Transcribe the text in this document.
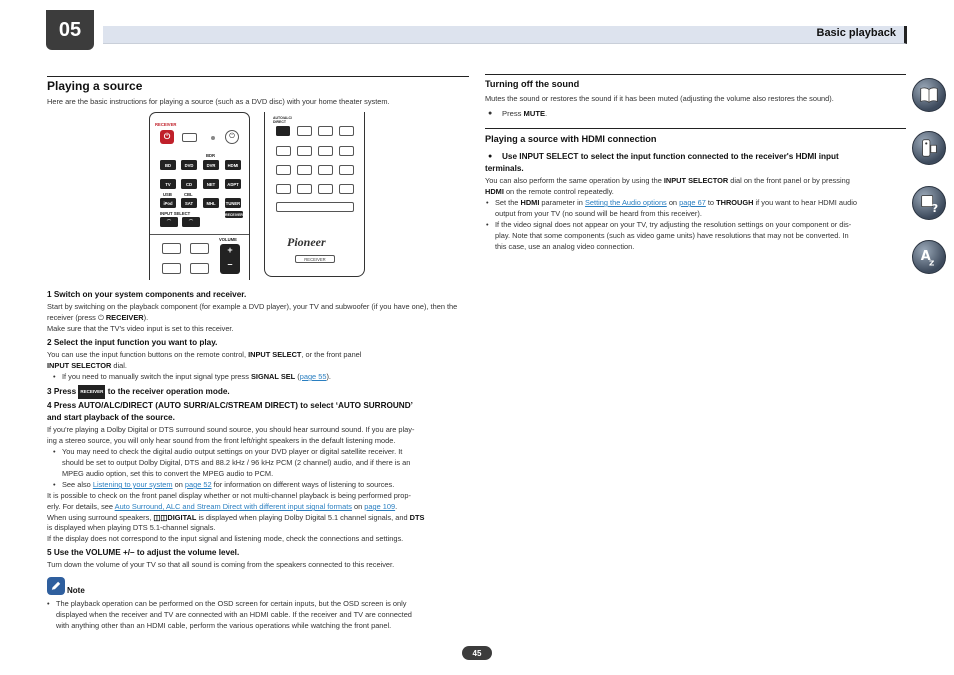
05	Basic playback
Playing a source
Here are the basic instructions for playing a source (such as a DVD disc) with your home theater system.
RECEIVER
⏻	⏻
BDR
BD	DVD	DVR	HDMI
TV	CD	NET	ADPT
USB	CBL
iPod	SAT	MHL	TUNER
INPUT SELECT
⌒	⌒
RECEIVER
VOLUME
+
–
AUTO/ALC/
DIRECT
Pioneer
RECEIVER
1 Switch on your system components and receiver.
Start by switching on the playback component (for example a DVD player), your TV and subwoofer (if you have one), then the receiver (press ⏻ RECEIVER).
Make sure that the TV's video input is set to this receiver.
2 Select the input function you want to play.
You can use the input function buttons on the remote control, INPUT SELECT, or the front panel
INPUT SELECTOR dial.
• If you need to manually switch the input signal type press SIGNAL SEL (page 55).
3 Press RECEIVER to the receiver operation mode.
4 Press AUTO/ALC/DIRECT (AUTO SURR/ALC/STREAM DIRECT) to select ‘AUTO SURROUND’
and start playback of the source.
If you're playing a Dolby Digital or DTS surround sound source, you should hear surround sound. If you are play-
ing a stereo source, you will only hear sound from the front left/right speakers in the default listening mode.
• You may need to check the digital audio output settings on your DVD player or digital satellite receiver. It
should be set to output Dolby Digital, DTS and 88.2 kHz / 96 kHz PCM (2 channel) audio, and if there is an
MPEG audio option, set this to convert the MPEG audio to PCM.
• See also Listening to your system on page 52 for information on different ways of listening to sources.
It is possible to check on the front panel display whether or not multi-channel playback is being performed prop-
erly. For details, see Auto Surround, ALC and Stream Direct with different input signal formats on page 109.
When using surround speakers, ◫◫DIGITAL is displayed when playing Dolby Digital 5.1 channel signals, and DTS
is displayed when playing DTS 5.1-channel signals.
If the display does not correspond to the input signal and listening mode, check the connections and settings.
5 Use the VOLUME +/– to adjust the volume level.
Turn down the volume of your TV so that all sound is coming from the speakers connected to this receiver.
Note
• The playback operation can be performed on the OSD screen for certain inputs, but the OSD screen is only
displayed when the receiver and TV are connected with an HDMI cable. If the receiver and TV are connected
with anything other than an HDMI cable, perform the various operations while watching the front panel.
Turning off the sound
Mutes the sound or restores the sound if it has been muted (adjusting the volume also restores the sound).
● Press MUTE.
Playing a source with HDMI connection
● Use INPUT SELECT to select the input function connected to the receiver's HDMI input
terminals.
You can also perform the same operation by using the INPUT SELECTOR dial on the front panel or by pressing
HDMI on the remote control repeatedly.
• Set the HDMI parameter in Setting the Audio options on page 67 to THROUGH if you want to hear HDMI audio
output from your TV (no sound will be heard from this receiver).
• If the video signal does not appear on your TV, try adjusting the resolution settings on your component or dis-
play. Note that some components (such as video game units) have resolutions that may not be converted. In
this case, use an analog video connection.
?
A
Z
45
